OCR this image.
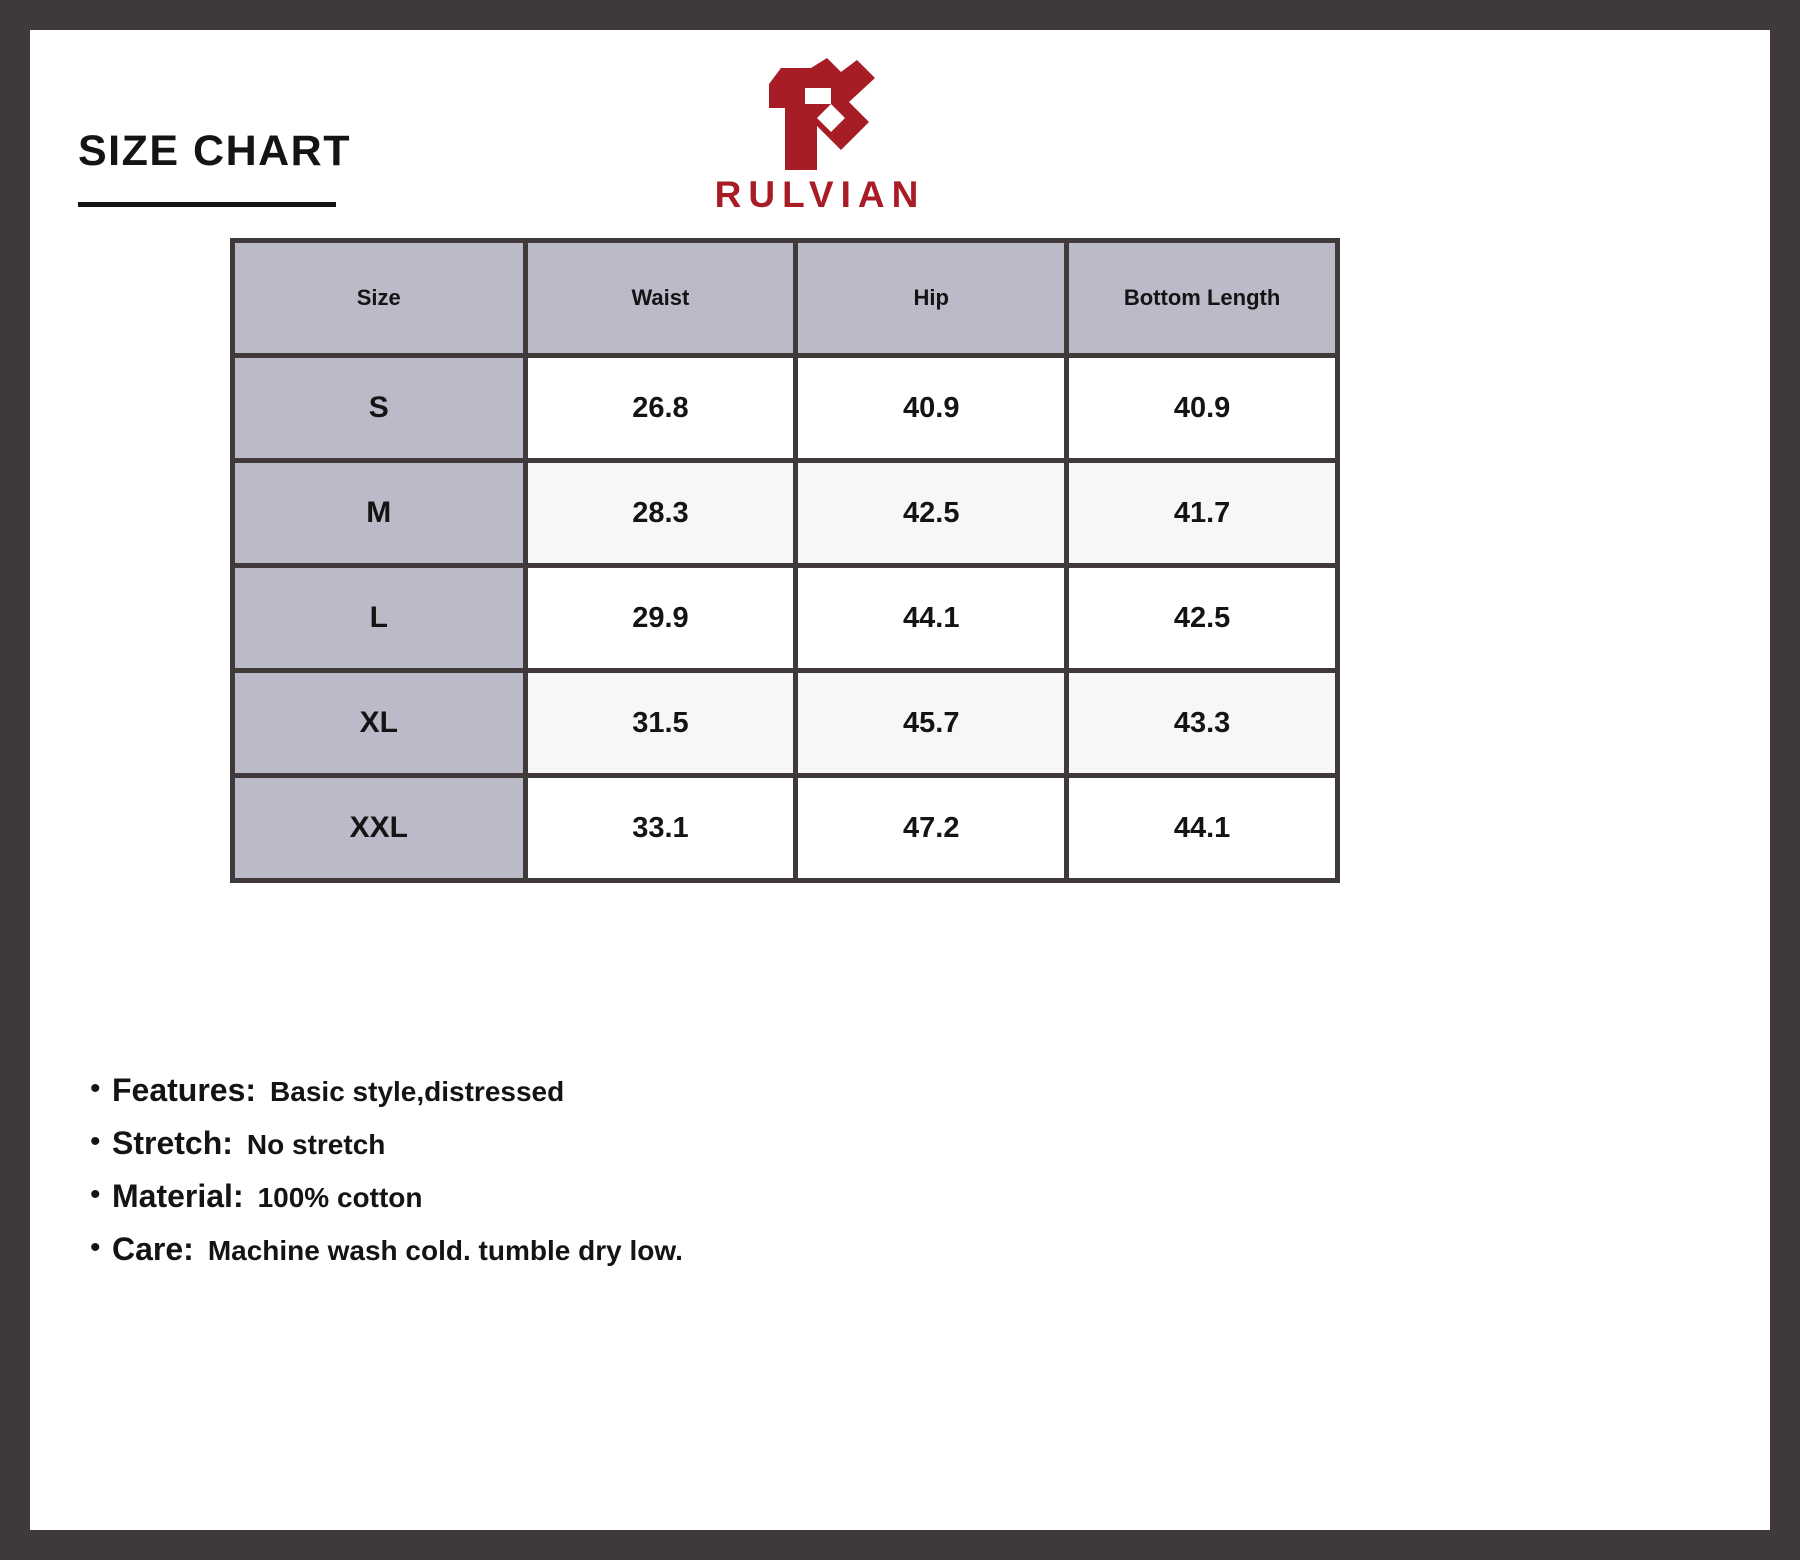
SIZE CHART
RULVIAN
Size	Waist	Hip	Bottom Length
S	26.8	40.9	40.9
M	28.3	42.5	41.7
L	29.9	44.1	42.5
XL	31.5	45.7	43.3
XXL	33.1	47.2	44.1
• Features: Basic style,distressed
• Stretch: No stretch
• Material: 100% cotton
• Care: Machine wash cold. tumble dry low.
